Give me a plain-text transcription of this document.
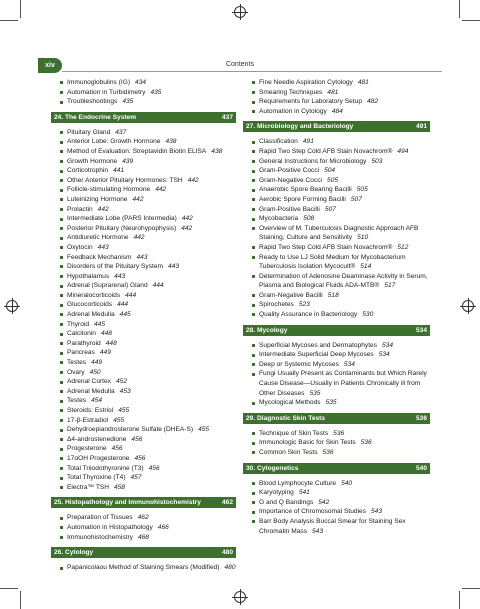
xiv	Contents
Immunoglobulins (IG) 434
Automation in Turbidimetry 435
Troubleshootings 435
24. The Endocrine System	437
Pituitary Gland 437
Anterior Lobe: Growth Hormone 438
Method of Evaluation: Streptavidin Biotin ELISA 438
Growth Hormone 439
Corticotrophin 441
Other Anterior Pituitary Hormones: TSH 442
Follicle-stimulating Hormone 442
Luteinizing Hormone 442
Prolactin 442
Intermediate Lobe (PARS Intermedia) 442
Posterior Pituitary (Neurohypophysis) 442
Antidiuretic Hormone 442
Oxytocin 443
Feedback Mechanism 443
Disorders of the Pituitary System 443
Hypothalamus 443
Adrenal (Suprarenal) Gland 444
Mineralocorticoids 444
Glucocorticoids 444
Adrenal Medulla 445
Thyroid 445
Calcitonin 448
Parathyroid 448
Pancreas 449
Testes 449
Ovary 450
Adrenal Cortex 452
Adrenal Medulla 453
Testes 454
Steroids: Estriol 455
17-β-Estradiol 455
Dehydroepiandrosterone Sulfate (DHEA-S) 455
Δ4-androstenedione 456
Progesterone 456
17αOH Progesterone 456
Total Triiodothyronine (T3) 456
Total Thyroxine (T4) 457
Electra™ TSH 458
25. Histopathology and Immunohistochemistry	462
Preparation of Tissues 462
Automation in Histopathology 466
Immunohistochemistry 468
26. Cytology	480
Papanicolaou Method of Staining Smears (Modified) 480
Fine Needle Aspiration Cytology 481
Smearing Techniques 481
Requirements for Laboratory Setup 482
Automation in Cytology 484
27. Microbiology and Bacteriology	491
Classification 491
Rapid Two Step Cold AFB Stain Novachrom® 494
General Instructions for Microbiology 503
Gram-Positive Cocci 504
Gram-Negative Cocci 505
Anaerobic Spore Bearing Bacilli 505
Aerobic Spore Forming Bacilli 507
Gram-Positive Bacilli 507
Mycobacteria 508
Overview of M. Tuberculosis Diagnostic Approach AFB Staining, Culture and Sensitivity 510
Rapid Two Step Cold AFB Stain Novachrom® 512
Ready to Use LJ Solid Medium for Mycobacterium Tuberculosis Isolation Mycocult® 514
Determination of Adenosine Deaminase Activity in Serum, Plasma and Biological Fluids ADA-MTB® 517
Gram-Negative Bacilli 518
Spirochetes 523
Quality Assurance in Bacteriology 530
28. Mycology	534
Superficial Mycoses and Dermatophytes 534
Intermediate Superficial Deep Mycoses 534
Deep or Systemic Mycoses 534
Fungi Usually Present as Contaminants but Which Rarely Cause Disease—Usually in Patients Chronically ill from Other Diseases 535
Mycological Methods 535
29. Diagnostic Skin Tests	536
Technique of Skin Tests 536
Immunologic Basic for Skin Tests 536
Common Skin Tests 536
30. Cytogenetics	540
Blood Lymphocyte Culture 540
Karyotyping 541
G and Q Bandings 542
Importance of Chromosomal Studies 543
Barr Body Analysis Buccal Smear for Staining Sex Chromatin Mass 543
